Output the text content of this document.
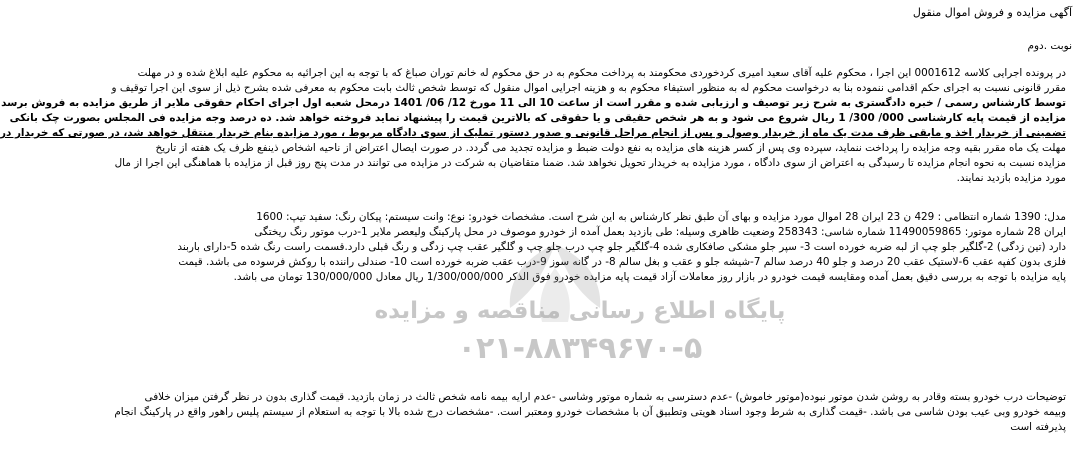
آگهی مزایده و فروش اموال منقول
نوبت .دوم
در پرونده اجرایی کلاسه 0001612 این اجرا ، محکوم علیه آقای سعید امیری کردخوردی محکومند به پرداخت محکوم به در حق محکوم له خانم توران صباغ که با توجه به این اجرائیه به محکوم علیه ابلاغ شده و در مهلت
مقرر قانونی نسبت به اجرای حکم اقدامی ننموده بنا به درخواست محکوم له به منظور استیفاء محکوم به و هزینه اجرایی اموال منقول که توسط شخص ثالث بابت محکوم به معرفی شده بشرح ذیل از سوی این اجرا توقیف و
توسط کارشناس رسمی / خبره دادگستری به شرح زیر توصیف و ارزیابی شده و مقرر است از ساعت 10 الی 11 مورخ 12/ 06/ 1401 درمحل شعبه اول اجرای احکام حقوقی ملایر از طریق مزایده به فروش برسد
مزایده از قیمت پایه کارشناسی 000/ 300/ 1 ریال شروع می شود و به هر شخص حقیقی و یا حقوقی که بالاترین قیمت را پیشنهاد نماید فروخته خواهد شد. ده درصد وجه مزایده فی المجلس بصورت چک بانکی
تضمینی از خریدار اخذ و مابقی ظرف مدت یک ماه از خریدار وصول و پس از انجام مراحل قانونی و صدور دستور تملیک از سوی دادگاه مربوط ، مورد مزایده بنام خریدار منتقل خواهد شد، در صورتی که خریدار در
مهلت یک ماه مقرر بقیه وجه مزایده را پرداخت ننماید، سپرده وی پس از کسر هزینه های مزایده به نفع دولت ضبط و مزایده تجدید می گردد. در صورت ایصال اعتراض از ناحیه اشخاص ذینفع ظرف یک هفته از تاریخ
مزایده نسبت به نحوه انجام مزایده تا رسیدگی به اعتراض از سوی دادگاه ، مورد مزایده به خریدار تحویل نخواهد شد. ضمنا متقاضیان به شرکت در مزایده می توانند در مدت پنج روز قبل از مزایده با هماهنگی این اجرا از مال
مورد مزایده بازدید نمایند.
مدل: 1390 شماره انتظامی : 429 ن 23 ایران 28 اموال مورد مزایده و بهای آن طبق نظر کارشناس به این شرح است. مشخصات خودرو: نوع: وانت سیستم: پیکان رنگ: سفید تیپ: 1600
ایران 28 شماره موتور: 11490059865 شماره شاسی: 258343 وضعیت ظاهری وسیله: طی بازدید بعمل آمده از خودرو موصوف در محل پارکینگ ولیعصر ملایر 1-درب موتور رنگ ریختگی
دارد (تین زدگی) 2-گلگیر جلو چپ از لبه ضربه خورده است 3- سپر جلو مشکی صافکاری شده 4-گلگیر جلو چپ درب جلو چپ و گلگیر عقب چپ زدگی و رنگ قبلی دارد.قسمت راست رنگ شده 5-دارای باربند
فلزی بدون کفپه عقب 6-لاستیک عقب 20 درصد و جلو 40 درصد سالم 7-شیشه جلو و عقب و بغل سالم 8- در گانه سوز 9-درب عقب ضربه خورده است 10- صندلی راننده با روکش فرسوده می باشد. قیمت
پایه مزایده با توجه به بررسی دقیق بعمل آمده ومقایسه قیمت خودرو در بازار روز معاملات آزاد قیمت پایه مزایده خودرو فوق الذکر 1/300/000/000 ریال معادل 130/000/000 تومان می باشد.
پایگاه اطلاع رسانی مناقصه و مزایده
۰۲۱-۸۸۳۴۹۶۷۰-۵
توضیحات درب خودرو بسته وقادر به روشن شدن موتور نبوده(موتور خاموش) -عدم دسترسی به شماره موتور وشاسی -عدم ارایه بیمه نامه شخص ثالث در زمان بازدید. قیمت گذاری بدون در نظر گرفتن میزان خلافی
وبیمه خودرو وبی عیب بودن شاسی می باشد. -قیمت گذاری به شرط وجود اسناد هویتی وتطبیق آن با مشخصات خودرو ومعتبر است. -مشخصات درج شده بالا با توجه به استعلام از سیستم پلیس راهور واقع در پارکینگ انجام
پذیرفته است
